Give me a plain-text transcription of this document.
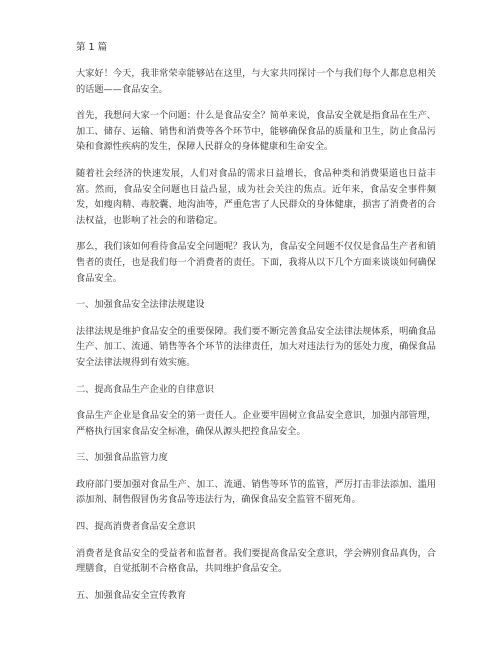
第 1 篇

大家好！今天，我非常荣幸能够站在这里，与大家共同探讨一个与我们每个人都息息相关的话题——食品安全。

首先，我想问大家一个问题：什么是食品安全？简单来说，食品安全就是指食品在生产、加工、储存、运输、销售和消费等各个环节中，能够确保食品的质量和卫生，防止食品污染和食源性疾病的发生，保障人民群众的身体健康和生命安全。

随着社会经济的快速发展，人们对食品的需求日益增长，食品种类和消费渠道也日益丰富。然而，食品安全问题也日益凸显，成为社会关注的焦点。近年来，食品安全事件频发，如瘦肉精、毒胶囊、地沟油等，严重危害了人民群众的身体健康，损害了消费者的合法权益，也影响了社会的和谐稳定。

那么，我们该如何看待食品安全问题呢？我认为，食品安全问题不仅仅是食品生产者和销售者的责任，也是我们每一个消费者的责任。下面，我将从以下几个方面来谈谈如何确保食品安全。

一、加强食品安全法律法规建设

法律法规是维护食品安全的重要保障。我们要不断完善食品安全法律法规体系，明确食品生产、加工、流通、销售等各个环节的法律责任，加大对违法行为的惩处力度，确保食品安全法律法规得到有效实施。

二、提高食品生产企业的自律意识

食品生产企业是食品安全的第一责任人。企业要牢固树立食品安全意识，加强内部管理，严格执行国家食品安全标准，确保从源头把控食品安全。

三、加强食品监管力度

政府部门要加强对食品生产、加工、流通、销售等环节的监管，严厉打击非法添加、滥用添加剂、制售假冒伪劣食品等违法行为，确保食品安全监管不留死角。

四、提高消费者食品安全意识

消费者是食品安全的受益者和监督者。我们要提高食品安全意识，学会辨别食品真伪，合理膳食，自觉抵制不合格食品，共同维护食品安全。

五、加强食品安全宣传教育
